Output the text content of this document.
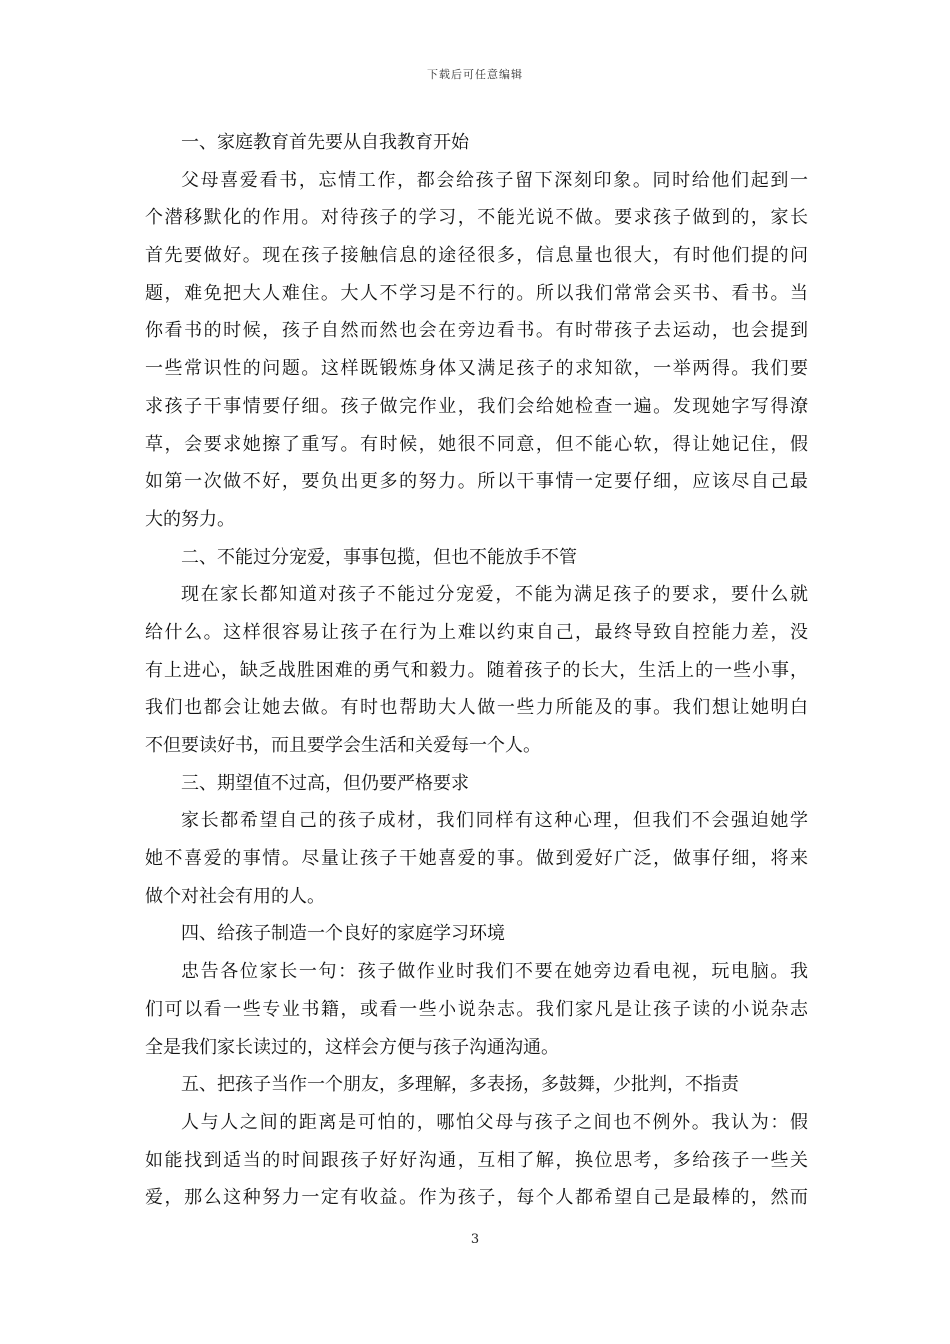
下载后可任意编辑
一、家庭教育首先要从自我教育开始
父母喜爱看书，忘情工作，都会给孩子留下深刻印象。同时给他们起到一
个潜移默化的作用。对待孩子的学习，不能光说不做。要求孩子做到的，家长
首先要做好。现在孩子接触信息的途径很多，信息量也很大，有时他们提的问
题，难免把大人难住。大人不学习是不行的。所以我们常常会买书、看书。当
你看书的时候，孩子自然而然也会在旁边看书。有时带孩子去运动，也会提到
一些常识性的问题。这样既锻炼身体又满足孩子的求知欲，一举两得。我们要
求孩子干事情要仔细。孩子做完作业，我们会给她检查一遍。发现她字写得潦
草，会要求她擦了重写。有时候，她很不同意，但不能心软，得让她记住，假
如第一次做不好，要负出更多的努力。所以干事情一定要仔细，应该尽自己最
大的努力。
二、不能过分宠爱，事事包揽，但也不能放手不管
现在家长都知道对孩子不能过分宠爱，不能为满足孩子的要求，要什么就
给什么。这样很容易让孩子在行为上难以约束自己，最终导致自控能力差，没
有上进心，缺乏战胜困难的勇气和毅力。随着孩子的长大，生活上的一些小事，
我们也都会让她去做。有时也帮助大人做一些力所能及的事。我们想让她明白
不但要读好书，而且要学会生活和关爱每一个人。
三、期望值不过高，但仍要严格要求
家长都希望自己的孩子成材，我们同样有这种心理，但我们不会强迫她学
她不喜爱的事情。尽量让孩子干她喜爱的事。做到爱好广泛，做事仔细，将来
做个对社会有用的人。
四、给孩子制造一个良好的家庭学习环境
忠告各位家长一句：孩子做作业时我们不要在她旁边看电视，玩电脑。我
们可以看一些专业书籍，或看一些小说杂志。我们家凡是让孩子读的小说杂志
全是我们家长读过的，这样会方便与孩子沟通沟通。
五、把孩子当作一个朋友，多理解，多表扬，多鼓舞，少批判，不指责
人与人之间的距离是可怕的，哪怕父母与孩子之间也不例外。我认为：假
如能找到适当的时间跟孩子好好沟通，互相了解，换位思考，多给孩子一些关
爱，那么这种努力一定有收益。作为孩子，每个人都希望自己是最棒的，然而
3
